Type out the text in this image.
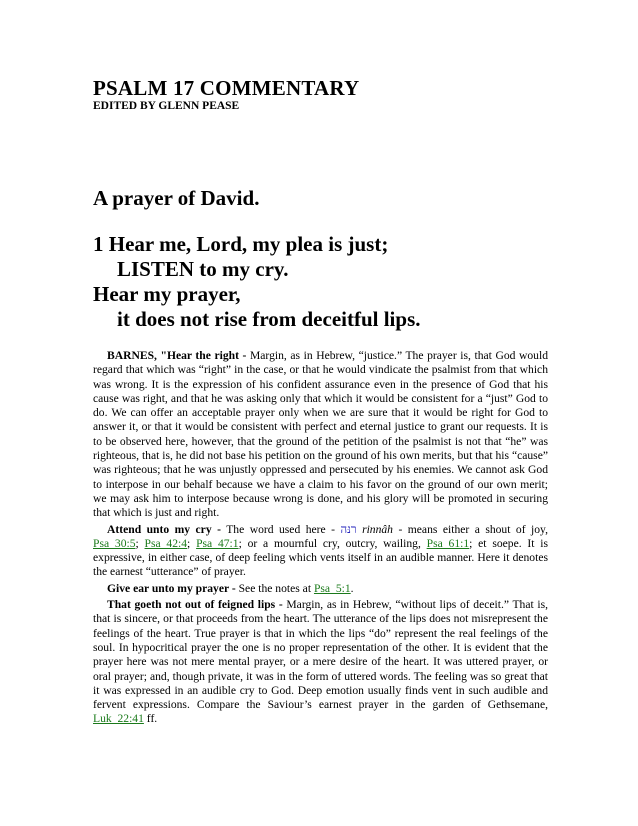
PSALM 17 COMMENTARY
EDITED BY GLENN PEASE
A prayer of David.
1 Hear me, Lord, my plea is just;
LISTEN to my cry.
Hear my prayer,
it does not rise from deceitful lips.

BARNES, "Hear the right - Margin, as in Hebrew, “justice.” The prayer is, that God would regard that which was “right” in the case, or that he would vindicate the psalmist from that which was wrong. It is the expression of his confident assurance even in the presence of God that his cause was right, and that he was asking only that which it would be consistent for a “just” God to do. We can offer an acceptable prayer only when we are sure that it would be right for God to answer it, or that it would be consistent with perfect and eternal justice to grant our requests. It is to be observed here, however, that the ground of the petition of the psalmist is not that “he” was righteous, that is, he did not base his petition on the ground of his own merits, but that his “cause” was righteous; that he was unjustly oppressed and persecuted by his enemies. We cannot ask God to interpose in our behalf because we have a claim to his favor on the ground of our own merit; we may ask him to interpose because wrong is done, and his glory will be promoted in securing that which is just and right.

Attend unto my cry - The word used here - רנּה rinnâh - means either a shout of joy, Psa_30:5; Psa_42:4; Psa_47:1; or a mournful cry, outcry, wailing, Psa_61:1; et soepe. It is expressive, in either case, of deep feeling which vents itself in an audible manner. Here it denotes the earnest “utterance” of prayer.

Give ear unto my prayer - See the notes at Psa_5:1.

That goeth not out of feigned lips - Margin, as in Hebrew, “without lips of deceit.” That is, that is sincere, or that proceeds from the heart. The utterance of the lips does not misrepresent the feelings of the heart. True prayer is that in which the lips “do” represent the real feelings of the soul. In hypocritical prayer the one is no proper representation of the other. It is evident that the prayer here was not mere mental prayer, or a mere desire of the heart. It was uttered prayer, or oral prayer; and, though private, it was in the form of uttered words. The feeling was so great that it was expressed in an audible cry to God. Deep emotion usually finds vent in such audible and fervent expressions. Compare the Saviour’s earnest prayer in the garden of Gethsemane, Luk_22:41 ff.
